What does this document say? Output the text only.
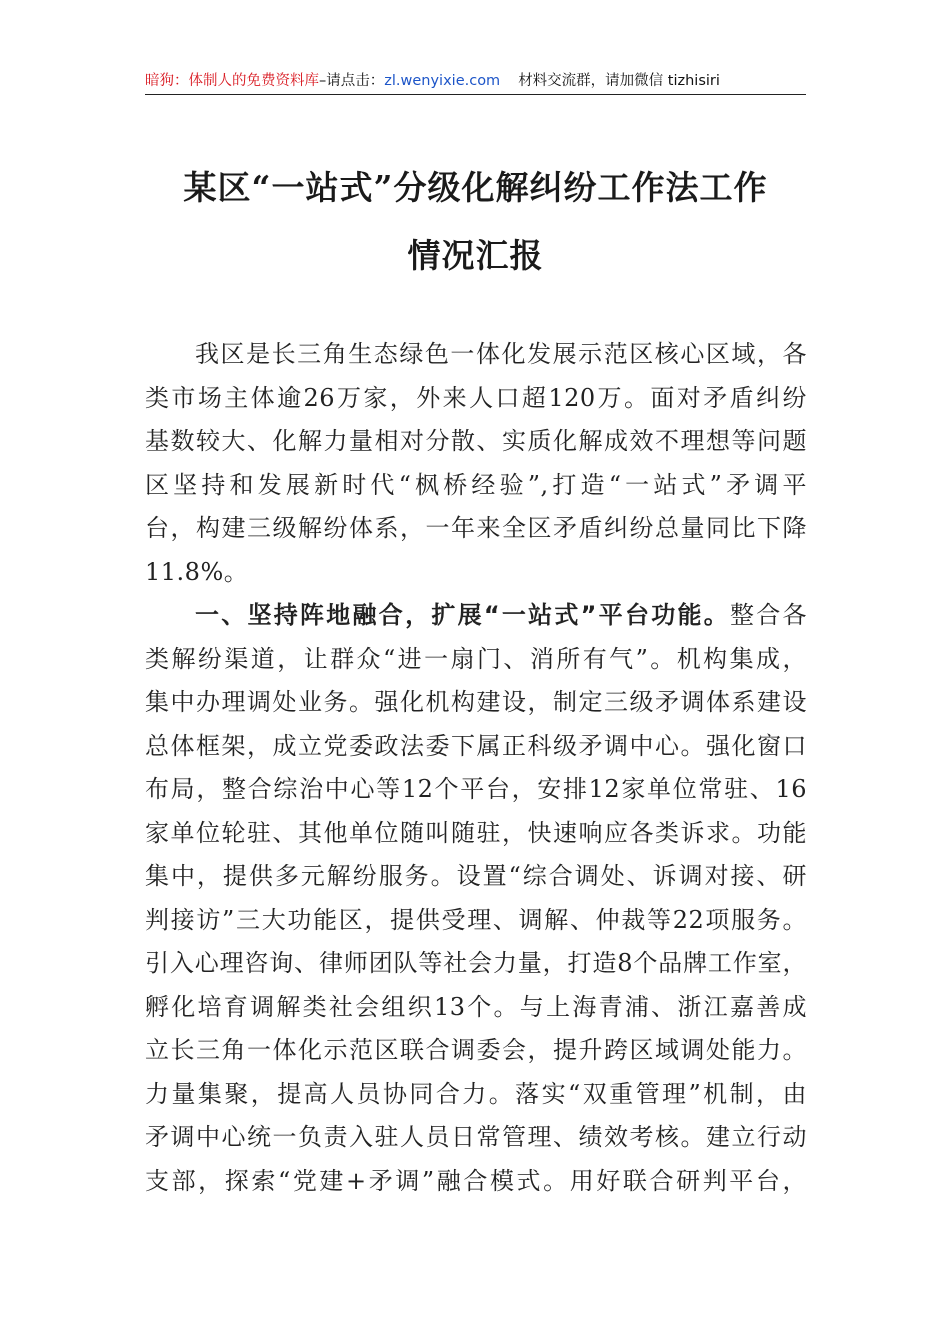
暗狗：体制人的免费资料库–请点击：zl.wenyixie.com 材料交流群，请加微信 tizhisiri
某区“一站式”分级化解纠纷工作法工作
情况汇报
我区是长三角生态绿色一体化发展示范区核心区域，各
类市场主体逾26万家，外来人口超120万。面对矛盾纠纷
基数较大、化解力量相对分散、实质化解成效不理想等问题
区坚持和发展新时代“枫桥经验”,打造“一站式”矛调平
台，构建三级解纷体系，一年来全区矛盾纠纷总量同比下降
11.8%。
一、坚持阵地融合，扩展“一站式”平台功能。整合各
类解纷渠道，让群众“进一扇门、消所有气”。机构集成，
集中办理调处业务。强化机构建设，制定三级矛调体系建设
总体框架，成立党委政法委下属正科级矛调中心。强化窗口
布局，整合综治中心等12个平台，安排12家单位常驻、16
家单位轮驻、其他单位随叫随驻，快速响应各类诉求。功能
集中，提供多元解纷服务。设置“综合调处、诉调对接、研
判接访”三大功能区，提供受理、调解、仲裁等22项服务。
引入心理咨询、律师团队等社会力量，打造8个品牌工作室，
孵化培育调解类社会组织13个。与上海青浦、浙江嘉善成
立长三角一体化示范区联合调委会，提升跨区域调处能力。
力量集聚，提高人员协同合力。落实“双重管理”机制，由
矛调中心统一负责入驻人员日常管理、绩效考核。建立行动
支部，探索“党建+矛调”融合模式。用好联合研判平台，
